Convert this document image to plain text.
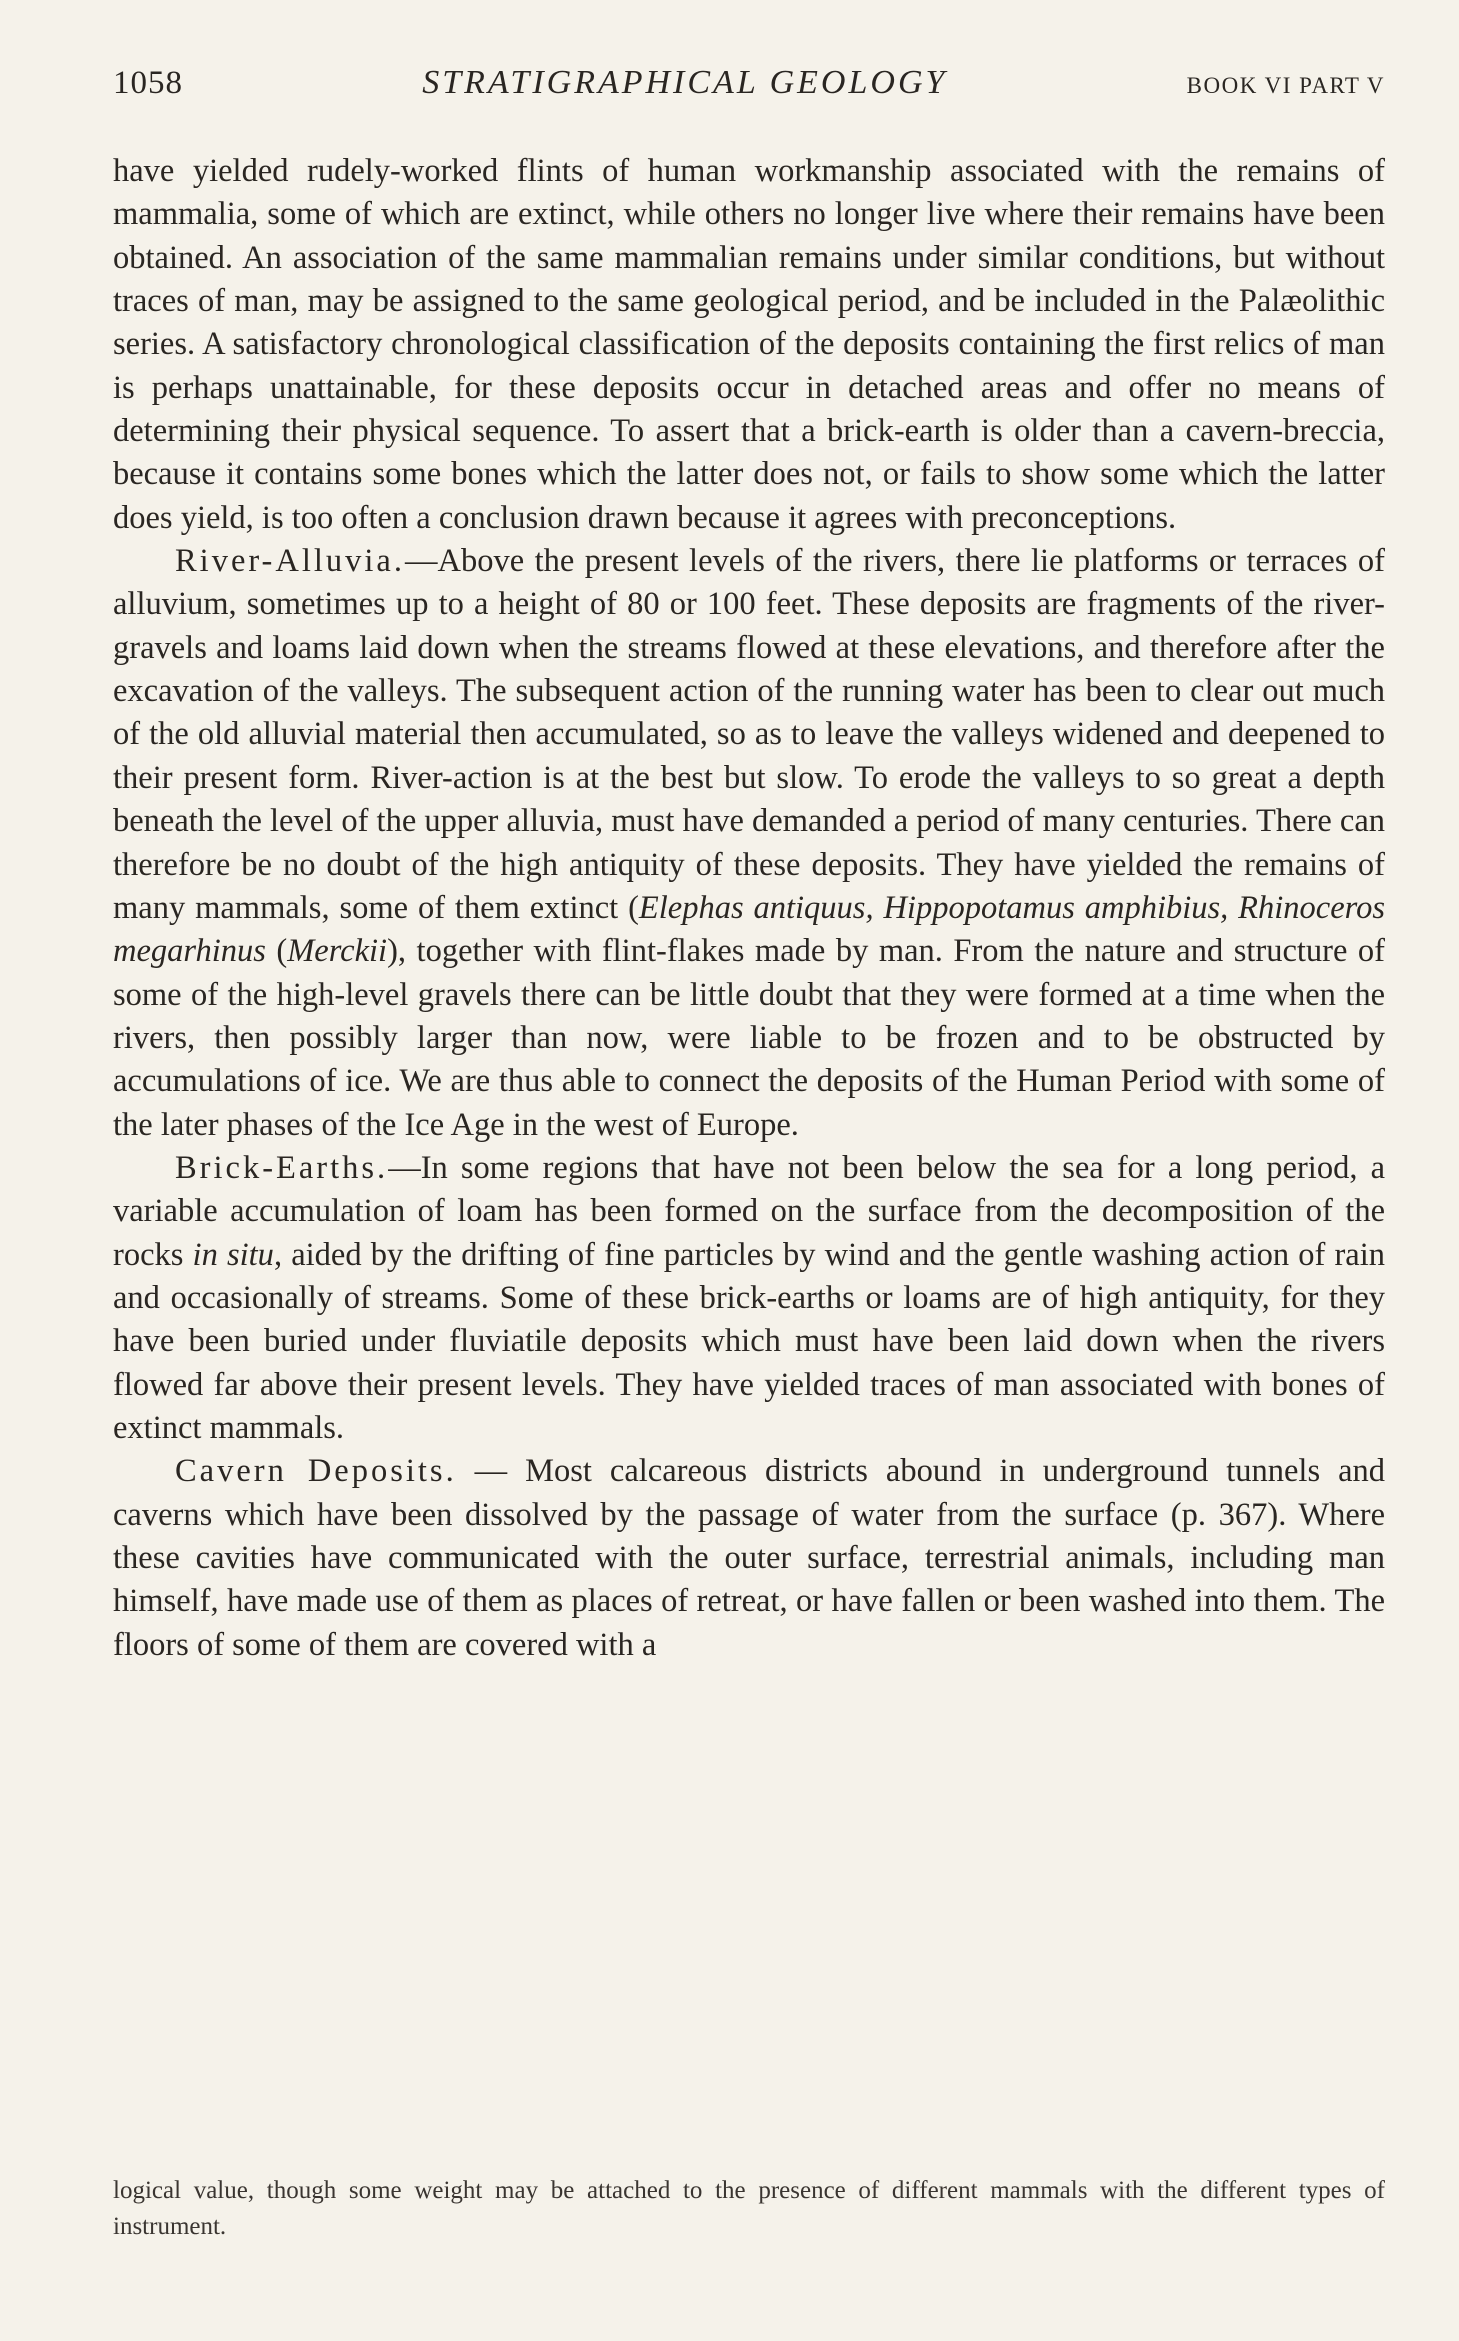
1058	STRATIGRAPHICAL GEOLOGY	BOOK VI PART V

have yielded rudely-worked flints of human workmanship associated with the remains of mammalia, some of which are extinct, while others no longer live where their remains have been obtained. An association of the same mammalian remains under similar conditions, but without traces of man, may be assigned to the same geological period, and be included in the Palæolithic series. A satisfactory chronological classification of the deposits containing the first relics of man is perhaps unattainable, for these deposits occur in detached areas and offer no means of determining their physical sequence. To assert that a brick-earth is older than a cavern-breccia, because it contains some bones which the latter does not, or fails to show some which the latter does yield, is too often a conclusion drawn because it agrees with preconceptions.

River-Alluvia.—Above the present levels of the rivers, there lie platforms or terraces of alluvium, sometimes up to a height of 80 or 100 feet. These deposits are fragments of the river-gravels and loams laid down when the streams flowed at these elevations, and therefore after the excavation of the valleys. The subsequent action of the running water has been to clear out much of the old alluvial material then accumulated, so as to leave the valleys widened and deepened to their present form. River-action is at the best but slow. To erode the valleys to so great a depth beneath the level of the upper alluvia, must have demanded a period of many centuries. There can therefore be no doubt of the high antiquity of these deposits. They have yielded the remains of many mammals, some of them extinct (Elephas antiquus, Hippopotamus amphibius, Rhinoceros megarhinus (Merckii), together with flint-flakes made by man. From the nature and structure of some of the high-level gravels there can be little doubt that they were formed at a time when the rivers, then possibly larger than now, were liable to be frozen and to be obstructed by accumulations of ice. We are thus able to connect the deposits of the Human Period with some of the later phases of the Ice Age in the west of Europe.

Brick-Earths.—In some regions that have not been below the sea for a long period, a variable accumulation of loam has been formed on the surface from the decomposition of the rocks in situ, aided by the drifting of fine particles by wind and the gentle washing action of rain and occasionally of streams. Some of these brick-earths or loams are of high antiquity, for they have been buried under fluviatile deposits which must have been laid down when the rivers flowed far above their present levels. They have yielded traces of man associated with bones of extinct mammals.

Cavern Deposits. — Most calcareous districts abound in underground tunnels and caverns which have been dissolved by the passage of water from the surface (p. 367). Where these cavities have communicated with the outer surface, terrestrial animals, including man himself, have made use of them as places of retreat, or have fallen or been washed into them. The floors of some of them are covered with a

logical value, though some weight may be attached to the presence of different mammals with the different types of instrument.
